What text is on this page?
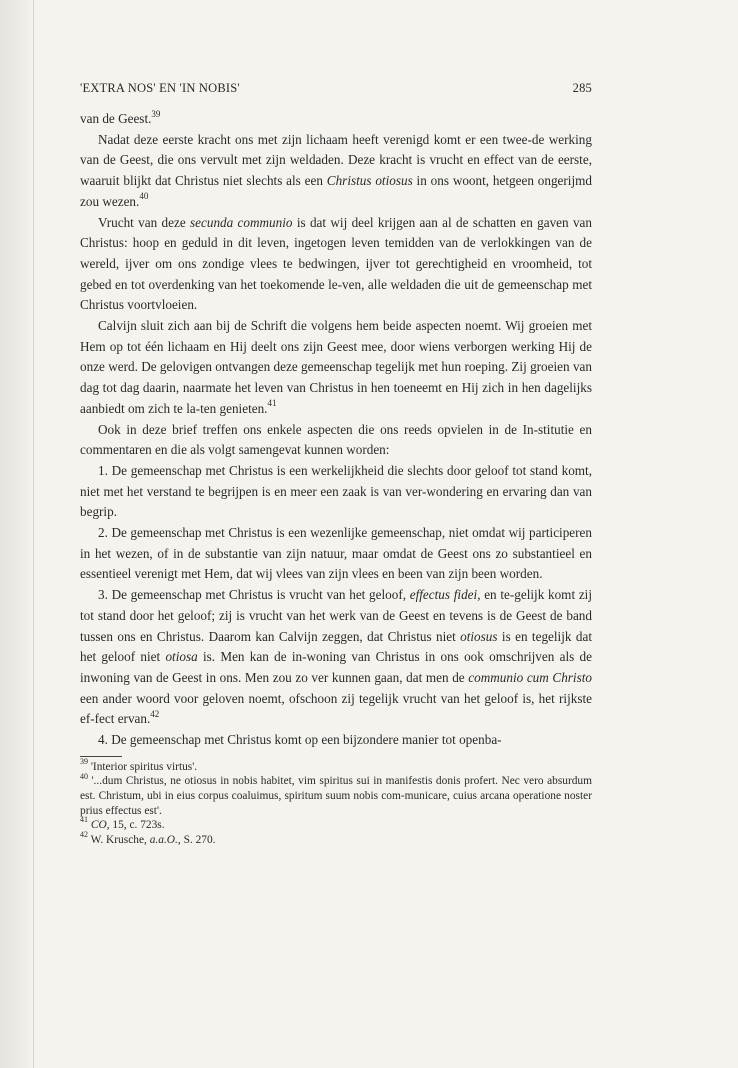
'EXTRA NOS' EN 'IN NOBIS'	285

van de Geest.$^{39}$

Nadat deze eerste kracht ons met zijn lichaam heeft verenigd komt er een twee-de werking van de Geest, die ons vervult met zijn weldaden. Deze kracht is vrucht en effect van de eerste, waaruit blijkt dat Christus niet slechts als een Christus otiosus in ons woont, hetgeen ongerijmd zou wezen.$^{40}$

Vrucht van deze secunda communio is dat wij deel krijgen aan al de schatten en gaven van Christus: hoop en geduld in dit leven, ingetogen leven temidden van de verlokkingen van de wereld, ijver om ons zondige vlees te bedwingen, ijver tot gerechtigheid en vroomheid, tot gebed en tot overdenking van het toekomende le-ven, alle weldaden die uit de gemeenschap met Christus voortvloeien.

Calvijn sluit zich aan bij de Schrift die volgens hem beide aspecten noemt. Wij groeien met Hem op tot één lichaam en Hij deelt ons zijn Geest mee, door wiens verborgen werking Hij de onze werd. De gelovigen ontvangen deze gemeenschap tegelijk met hun roeping. Zij groeien van dag tot dag daarin, naarmate het leven van Christus in hen toeneemt en Hij zich in hen dagelijks aanbiedt om zich te la-ten genieten.$^{41}$

Ook in deze brief treffen ons enkele aspecten die ons reeds opvielen in de In-stitutie en commentaren en die als volgt samengevat kunnen worden:

1. De gemeenschap met Christus is een werkelijkheid die slechts door geloof tot stand komt, niet met het verstand te begrijpen is en meer een zaak is van ver-wondering en ervaring dan van begrip.

2. De gemeenschap met Christus is een wezenlijke gemeenschap, niet omdat wij participeren in het wezen, of in de substantie van zijn natuur, maar omdat de Geest ons zo substantieel en essentieel verenigt met Hem, dat wij vlees van zijn vlees en been van zijn been worden.

3. De gemeenschap met Christus is vrucht van het geloof, effectus fidei, en te-gelijk komt zij tot stand door het geloof; zij is vrucht van het werk van de Geest en tevens is de Geest de band tussen ons en Christus. Daarom kan Calvijn zeggen, dat Christus niet otiosus is en tegelijk dat het geloof niet otiosa is. Men kan de in-woning van Christus in ons ook omschrijven als de inwoning van de Geest in ons. Men zou zo ver kunnen gaan, dat men de communio cum Christo een ander woord voor geloven noemt, ofschoon zij tegelijk vrucht van het geloof is, het rijkste ef-fect ervan.$^{42}$

4. De gemeenschap met Christus komt op een bijzondere manier tot openba-

$^{39}$ 'Interior spiritus virtus'.

$^{40}$ '...dum Christus, ne otiosus in nobis habitet, vim spiritus sui in manifestis donis profert. Nec vero absurdum est. Christum, ubi in eius corpus coaluimus, spiritum suum nobis com-municare, cuius arcana operatione noster prius effectus est'.

$^{41}$ CO, 15, c. 723s.

$^{42}$ W. Krusche, a.a.O., S. 270.
